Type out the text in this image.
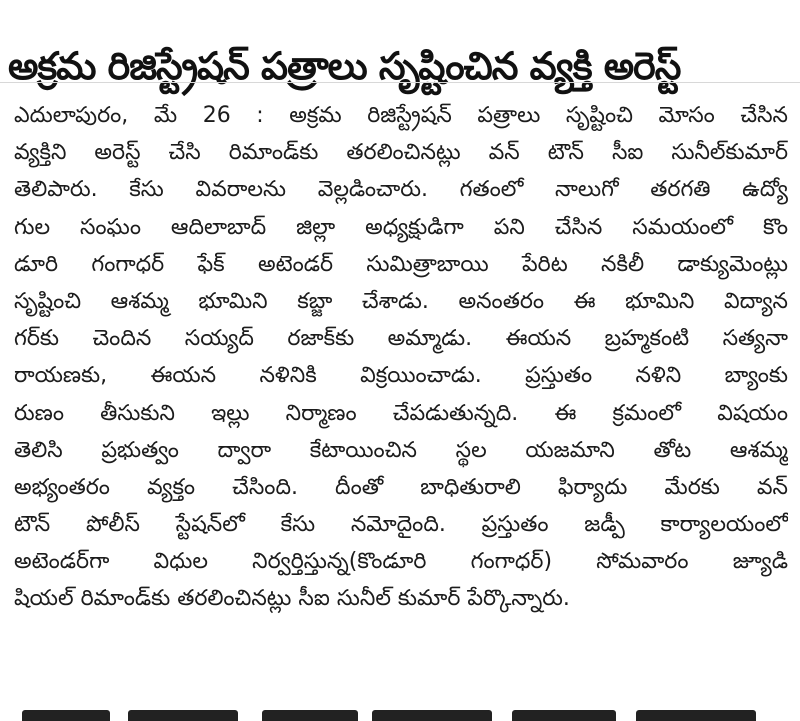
అక్రమ రిజిస్ట్రేషన్ పత్రాలు సృష్టించిన వ్యక్తి అరెస్ట్
ఎదులాపురం, మే 26 : అక్రమ రిజిస్ట్రేషన్ పత్రాలు సృష్టించి మోసం చేసిన
వ్యక్తిని అరెస్ట్ చేసి రిమాండ్‌కు తరలించినట్లు వన్ టౌన్ సీఐ సునీల్‌కుమార్
తెలిపారు. కేసు వివరాలను వెల్లడించారు. గతంలో నాలుగో తరగతి ఉద్యో
గుల సంఘం ఆదిలాబాద్ జిల్లా అధ్యక్షుడిగా పని చేసిన సమయంలో కొం
డూరి గంగాధర్ ఫేక్ అటెండర్ సుమిత్రాబాయి పేరిట నకిలీ డాక్యుమెంట్లు
సృష్టించి ఆశమ్మ భూమిని కబ్జా చేశాడు. అనంతరం ఈ భూమిని విద్యాన
గర్‌కు చెందిన సయ్యద్ రజాక్‌కు అమ్మాడు. ఈయన బ్రహ్మకంటి సత్యనా
రాయణకు, ఈయన నళినికి విక్రయించాడు. ప్రస్తుతం నళిని బ్యాంకు
రుణం తీసుకుని ఇల్లు నిర్మాణం చేపడుతున్నది. ఈ క్రమంలో విషయం
తెలిసి ప్రభుత్వం ద్వారా కేటాయించిన స్థల యజమాని తోట ఆశమ్మ
అభ్యంతరం వ్యక్తం చేసింది. దీంతో బాధితురాలి ఫిర్యాదు మేరకు వన్
టౌన్ పోలీస్ స్టేషన్‌లో కేసు నమోదైంది. ప్రస్తుతం జడ్పీ కార్యాలయంలో
అటెండర్‌గా విధుల నిర్వర్తిస్తున్న(కొండూరి గంగాధర్) సోమవారం జ్యూడి
షియల్ రిమాండ్‌కు తరలించినట్లు సీఐ సునీల్ కుమార్ పేర్కొన్నారు.
